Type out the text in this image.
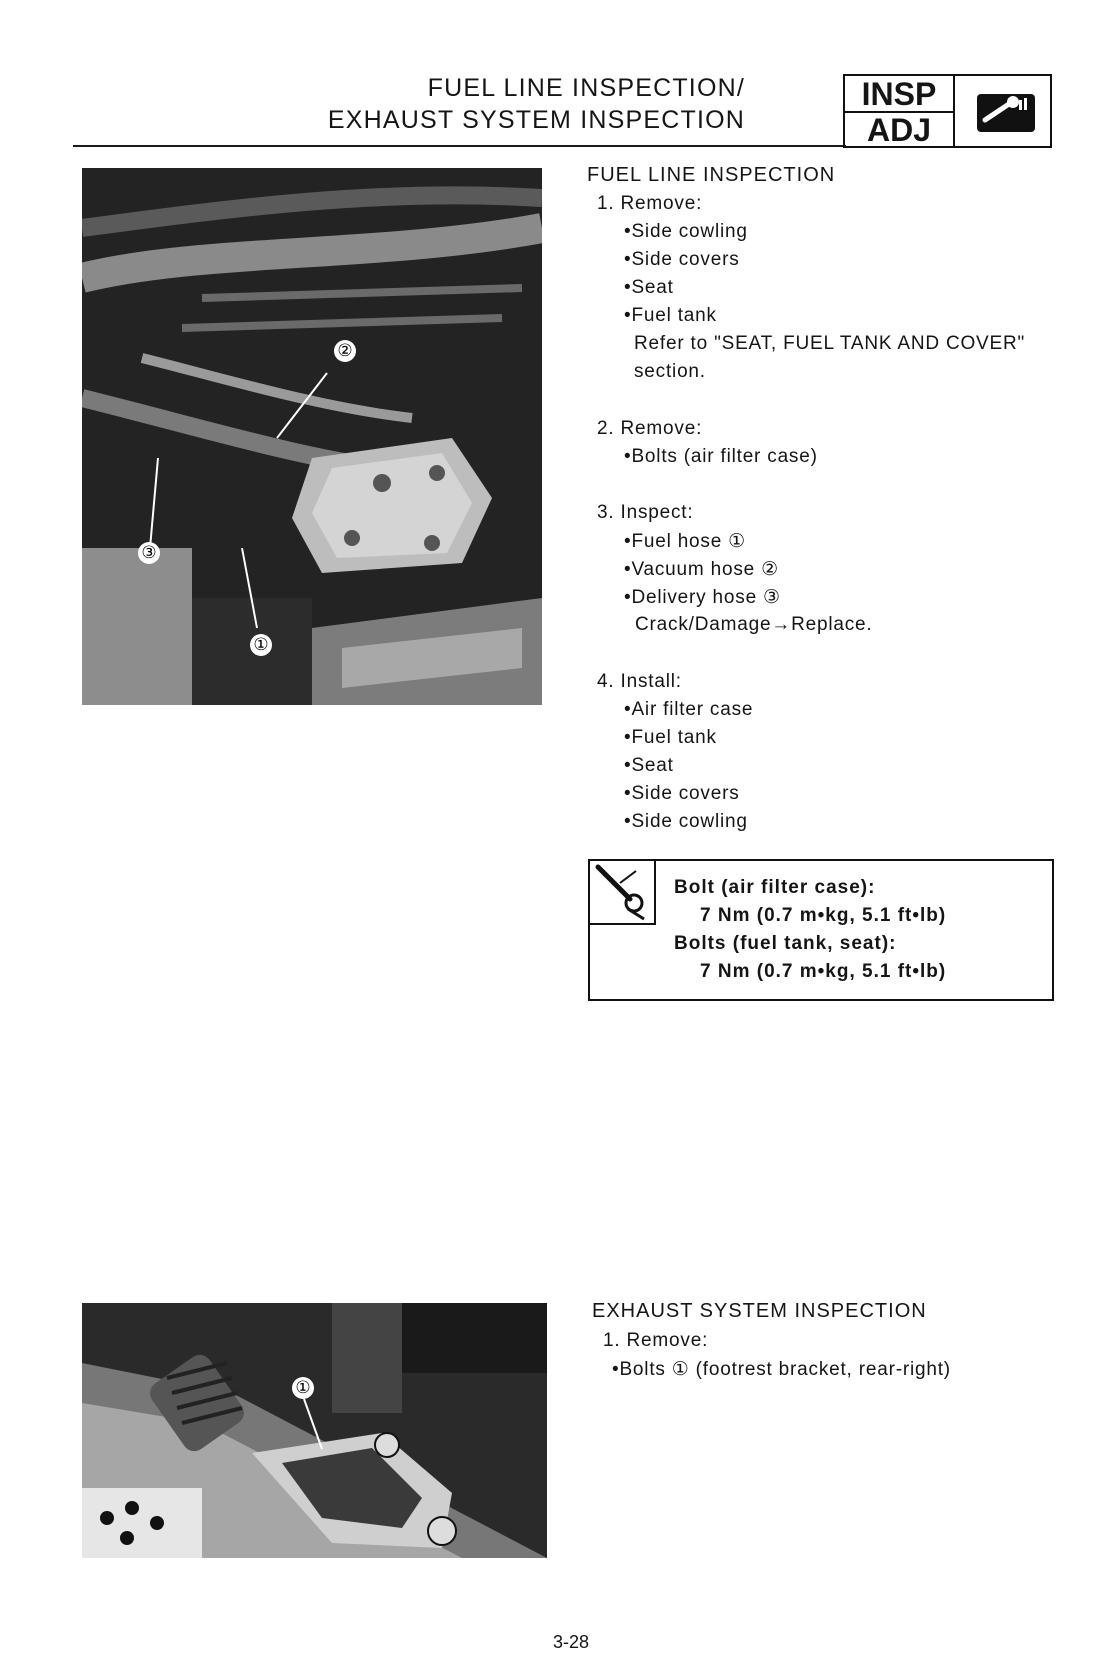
FUEL LINE INSPECTION/
EXHAUST SYSTEM INSPECTION
INSP
ADJ
②
③
①
FUEL LINE INSPECTION
1. Remove:
•Side cowling
•Side covers
•Seat
•Fuel tank
Refer to "SEAT, FUEL TANK AND COVER"
section.
2. Remove:
•Bolts (air filter case)
3. Inspect:
•Fuel hose ①
•Vacuum hose ②
•Delivery hose ③
Crack/Damage→Replace.
4. Install:
•Air filter case
•Fuel tank
•Seat
•Side covers
•Side cowling
Bolt (air filter case):
7 Nm (0.7 m•kg, 5.1 ft•lb)
Bolts (fuel tank, seat):
7 Nm (0.7 m•kg, 5.1 ft•lb)
①
EXHAUST SYSTEM INSPECTION
1. Remove:
•Bolts ① (footrest bracket, rear-right)
3-28
